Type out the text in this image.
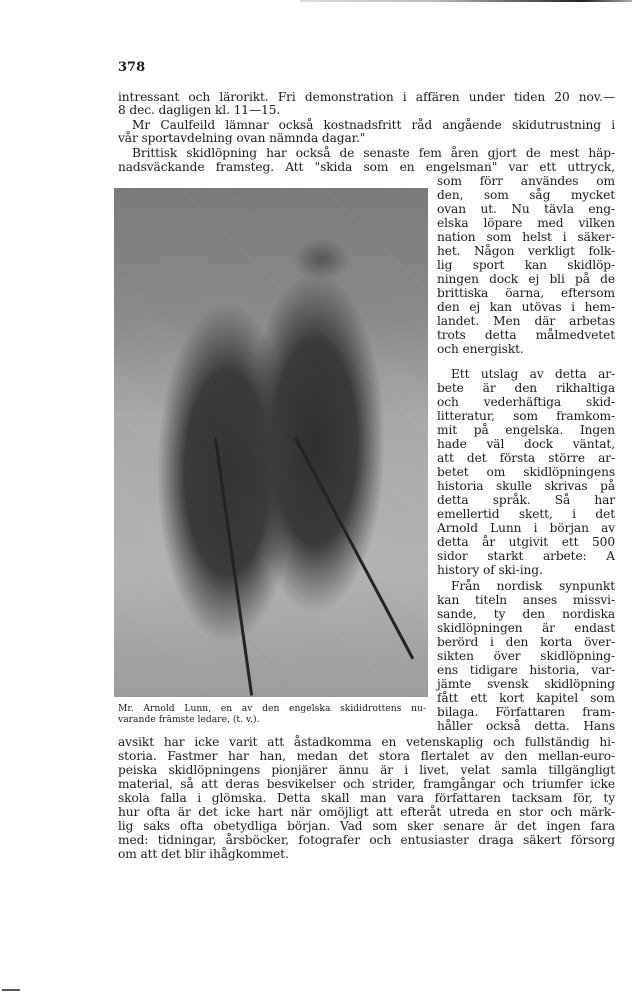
378
intressant och lärorikt. Fri demonstration i affären under tiden 20 nov.—
8 dec. dagligen kl. 11—15.
Mr Caulfeild lämnar också kostnadsfritt råd angående skidutrustning i
vår sportavdelning ovan nämnda dagar."
Brittisk skidlöpning har också de senaste fem åren gjort de mest häp-
nadsväckande framsteg. Att "skida som en engelsman" var ett uttryck,
som förr användes om
den, som såg mycket
ovan ut. Nu tävla eng-
elska löpare med vilken
nation som helst i säker-
het. Någon verkligt folk-
lig sport kan skidlöp-
ningen dock ej bli på de
brittiska öarna, eftersom
den ej kan utövas i hem-
landet. Men där arbetas
trots detta målmedvetet
och energiskt.
Ett utslag av detta ar-
bete är den rikhaltiga
och vederhäftiga skid-
litteratur, som framkom-
mit på engelska. Ingen
hade väl dock väntat,
att det första större ar-
betet om skidlöpningens
historia skulle skrivas på
detta språk. Så har
emellertid skett, i det
Arnold Lunn i början av
detta år utgivit ett 500
sidor starkt arbete: A
history of ski-ing.
Från nordisk synpunkt
kan titeln anses missvi-
sande, ty den nordiska
skidlöpningen är endast
berörd i den korta över-
sikten över skidlöpning-
ens tidigare historia, var-
jämte svensk skidlöpning
fått ett kort kapitel som
bilaga. Författaren fram-
håller också detta. Hans
Mr. Arnold Lunn, en av den engelska skididrottens nu-
varande främste ledare, (t. v.).
avsikt har icke varit att åstadkomma en vetenskaplig och fullständig hi-
storia. Fastmer har han, medan det stora flertalet av den mellan-euro-
peiska skidlöpningens pionjärer ännu är i livet, velat samla tillgängligt
material, så att deras besvikelser och strider, framgångar och triumfer icke
skola falla i glömska. Detta skall man vara författaren tacksam för, ty
hur ofta är det icke hart när omöjligt att efteråt utreda en stor och märk-
lig saks ofta obetydliga början. Vad som sker senare är det ingen fara
med: tidningar, årsböcker, fotografer och entusiaster draga säkert försorg
om att det blir ihågkommet.
